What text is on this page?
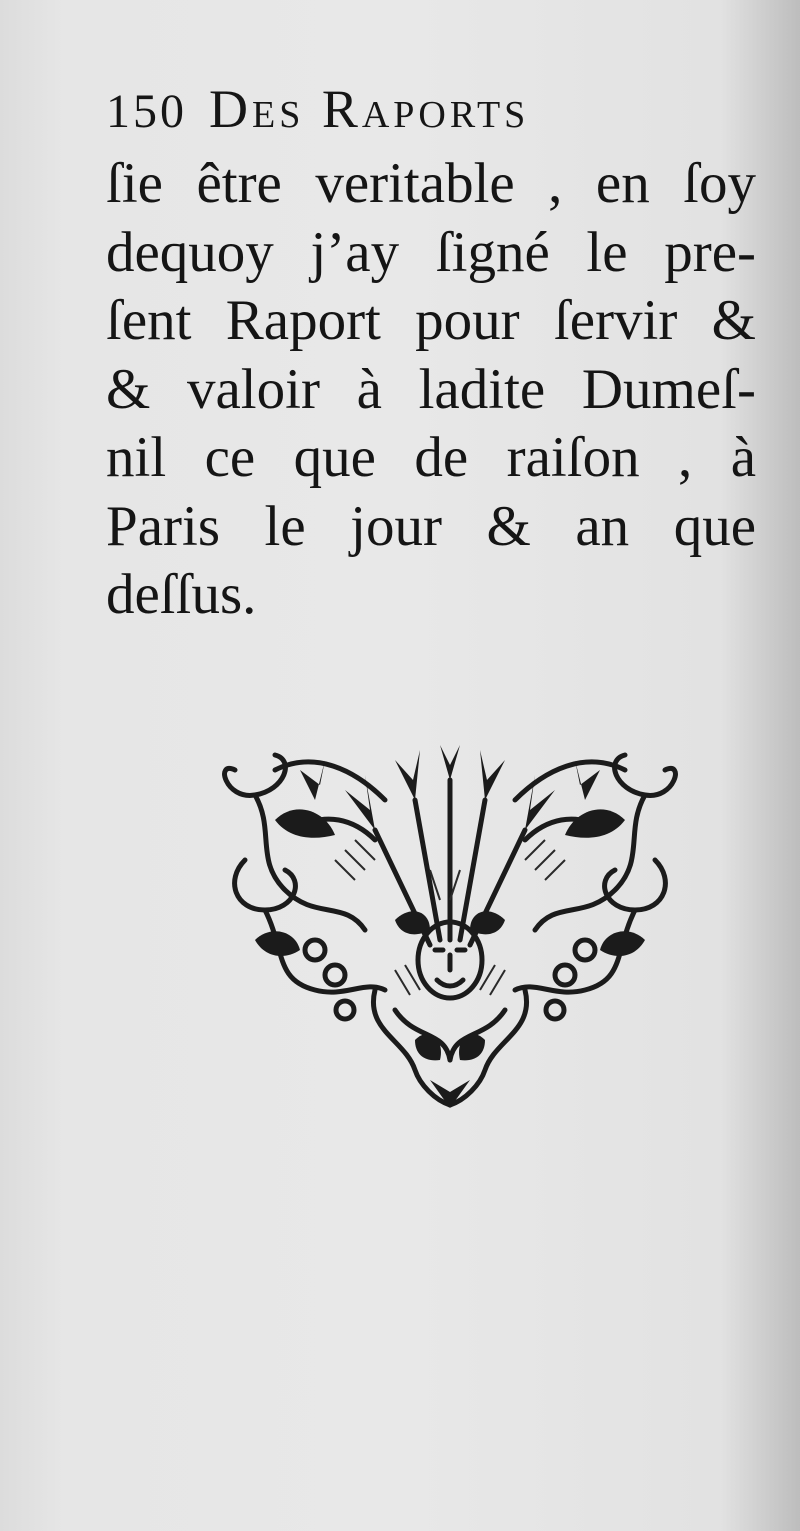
150 Des Raports
ſie être veritable , en ſoy
dequoy j’ay ſigné le pre-
ſent Raport pour ſervir &
& valoir à ladite Dumeſ-
nil ce que de raiſon , à
Paris le jour & an que
deſſus.
